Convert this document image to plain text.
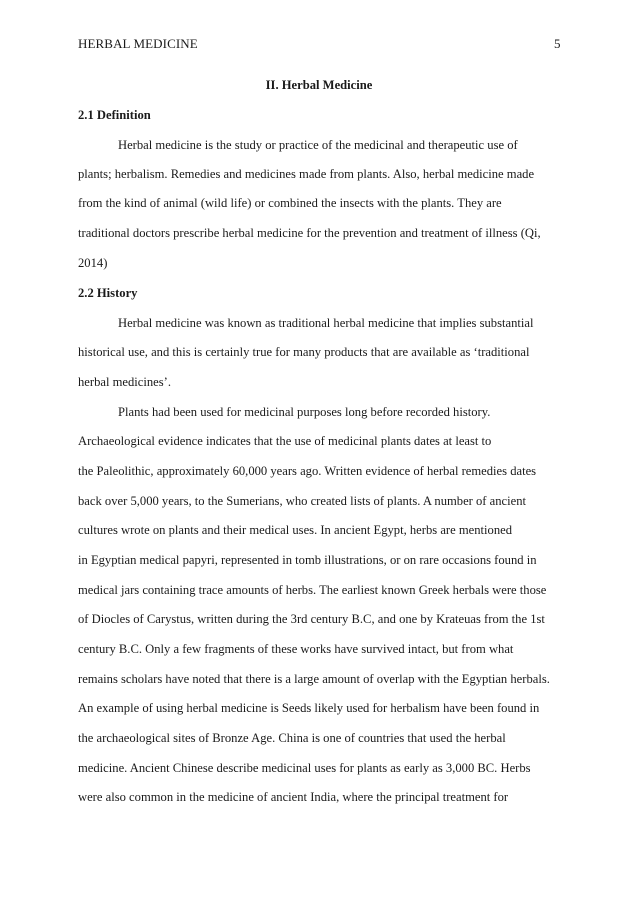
HERBAL MEDICINE	5
II. Herbal Medicine
2.1 Definition
Herbal medicine is the study or practice of the medicinal and therapeutic use of
plants; herbalism. Remedies and medicines made from plants. Also, herbal medicine made
from the kind of animal (wild life) or combined the insects with the plants. They are
traditional doctors prescribe herbal medicine for the prevention and treatment of illness (Qi,
2014)
2.2 History
Herbal medicine was known as traditional herbal medicine that implies substantial
historical use, and this is certainly true for many products that are available as ‘traditional
herbal medicines’.
Plants had been used for medicinal purposes long before recorded history.
Archaeological evidence indicates that the use of medicinal plants dates at least to
the Paleolithic, approximately 60,000 years ago. Written evidence of herbal remedies dates
back over 5,000 years, to the Sumerians, who created lists of plants. A number of ancient
cultures wrote on plants and their medical uses. In ancient Egypt, herbs are mentioned
in Egyptian medical papyri, represented in tomb illustrations, or on rare occasions found in
medical jars containing trace amounts of herbs. The earliest known Greek herbals were those
of Diocles of Carystus, written during the 3rd century B.C, and one by Krateuas from the 1st
century B.C. Only a few fragments of these works have survived intact, but from what
remains scholars have noted that there is a large amount of overlap with the Egyptian herbals.
An example of using herbal medicine is Seeds likely used for herbalism have been found in
the archaeological sites of Bronze Age. China is one of countries that used the herbal
medicine. Ancient Chinese describe medicinal uses for plants as early as 3,000 BC. Herbs
were also common in the medicine of ancient India, where the principal treatment for
